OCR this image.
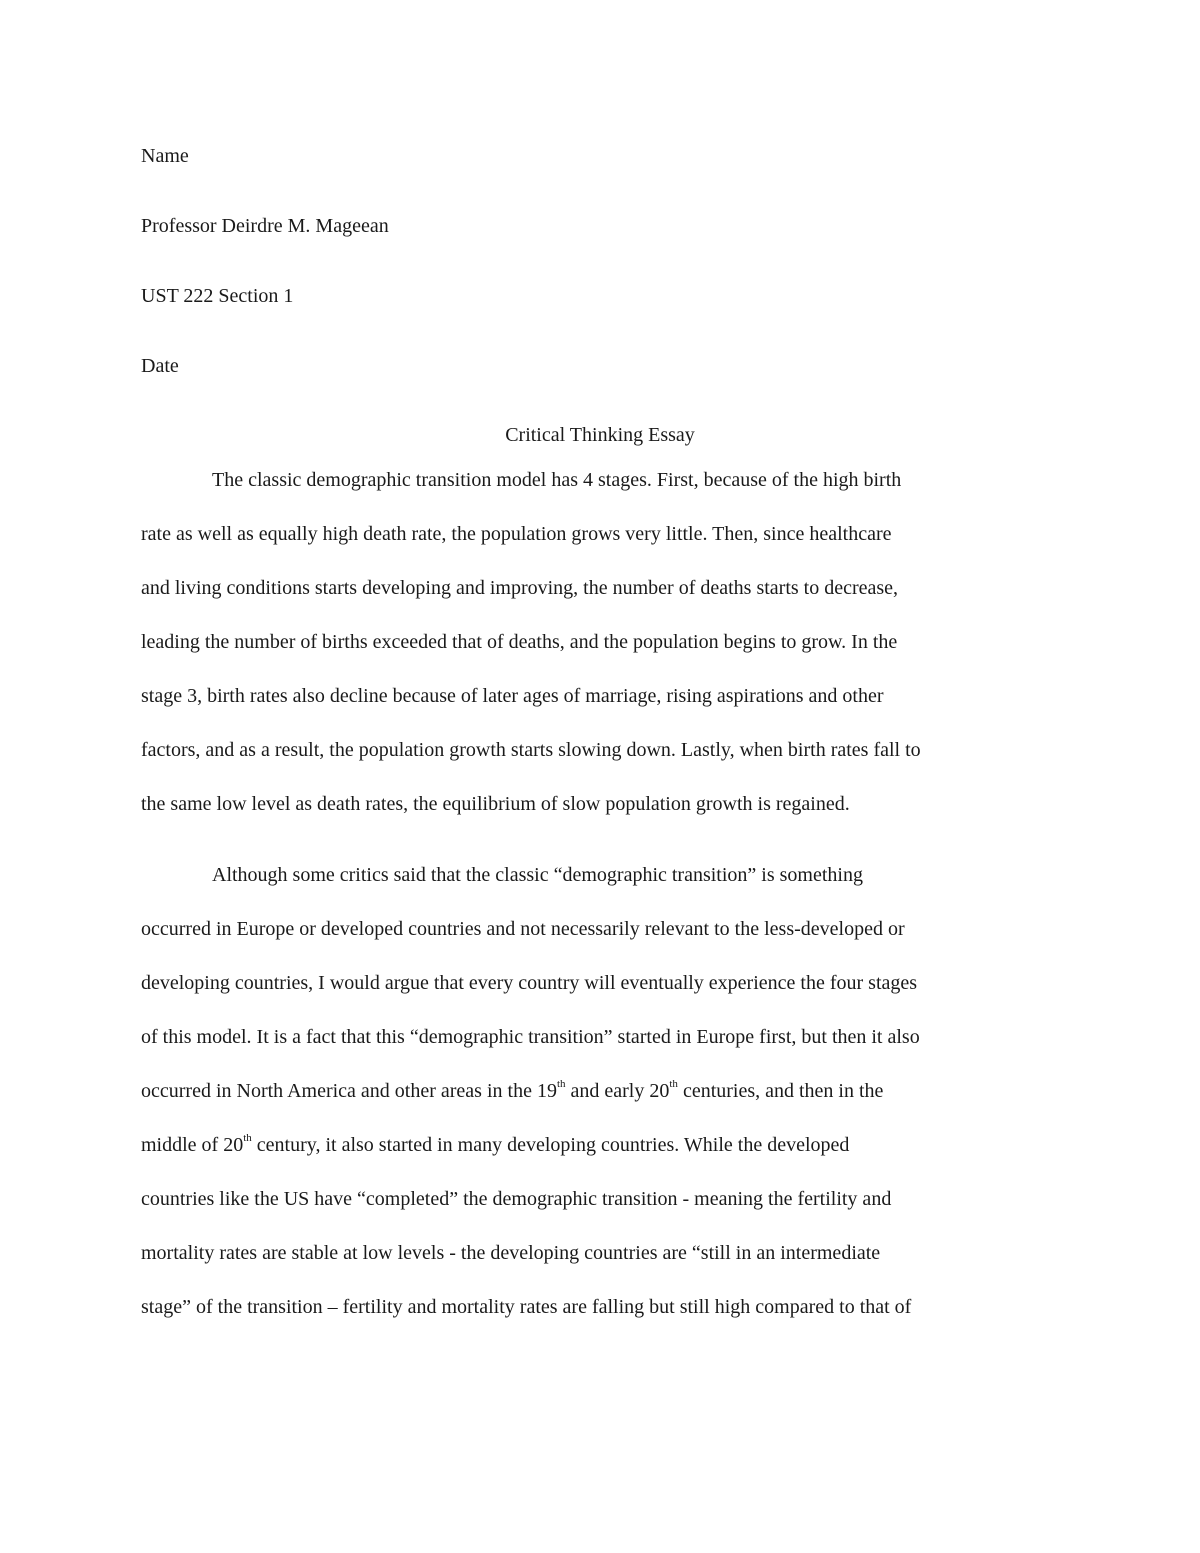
Name
Professor Deirdre M. Mageean
UST 222 Section 1
Date
Critical Thinking Essay
The classic demographic transition model has 4 stages. First, because of the high birth
rate as well as equally high death rate, the population grows very little. Then, since healthcare
and living conditions starts developing and improving, the number of deaths starts to decrease,
leading the number of births exceeded that of deaths, and the population begins to grow. In the
stage 3, birth rates also decline because of later ages of marriage, rising aspirations and other
factors, and as a result, the population growth starts slowing down. Lastly, when birth rates fall to
the same low level as death rates, the equilibrium of slow population growth is regained.
Although some critics said that the classic “demographic transition” is something
occurred in Europe or developed countries and not necessarily relevant to the less-developed or
developing countries, I would argue that every country will eventually experience the four stages
of this model. It is a fact that this “demographic transition” started in Europe first, but then it also
occurred in North America and other areas in the 19th and early 20th centuries, and then in the
middle of 20th century, it also started in many developing countries. While the developed
countries like the US have “completed” the demographic transition - meaning the fertility and
mortality rates are stable at low levels - the developing countries are “still in an intermediate
stage” of the transition – fertility and mortality rates are falling but still high compared to that of
